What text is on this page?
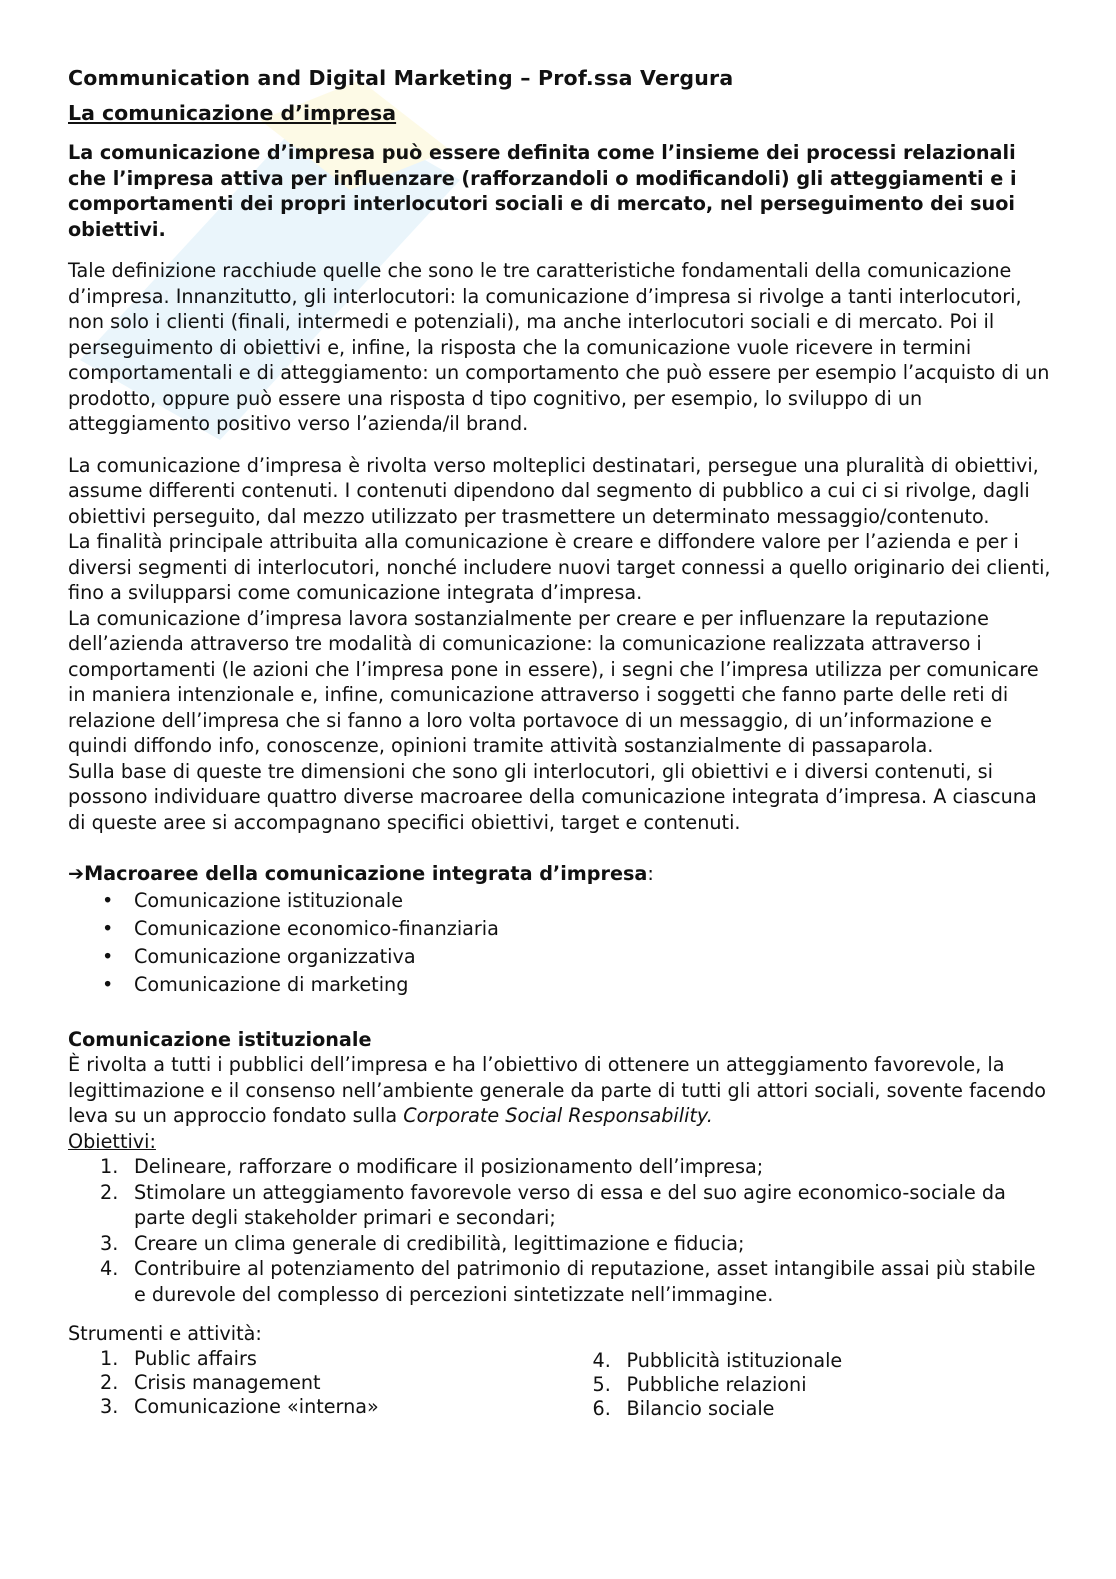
Communication and Digital Marketing – Prof.ssa Vergura

La comunicazione d’impresa

La comunicazione d’impresa può essere definita come l’insieme dei processi relazionali che l’impresa attiva per influenzare (rafforzandoli o modificandoli) gli atteggiamenti e i comportamenti dei propri interlocutori sociali e di mercato, nel perseguimento dei suoi obiettivi.

Tale definizione racchiude quelle che sono le tre caratteristiche fondamentali della comunicazione d’impresa. Innanzitutto, gli interlocutori: la comunicazione d’impresa si rivolge a tanti interlocutori, non solo i clienti (finali, intermedi e potenziali), ma anche interlocutori sociali e di mercato. Poi il perseguimento di obiettivi e, infine, la risposta che la comunicazione vuole ricevere in termini comportamentali e di atteggiamento: un comportamento che può essere per esempio l’acquisto di un prodotto, oppure può essere una risposta d tipo cognitivo, per esempio, lo sviluppo di un atteggiamento positivo verso l’azienda/il brand.

La comunicazione d’impresa è rivolta verso molteplici destinatari, persegue una pluralità di obiettivi, assume differenti contenuti. I contenuti dipendono dal segmento di pubblico a cui ci si rivolge, dagli obiettivi perseguito, dal mezzo utilizzato per trasmettere un determinato messaggio/contenuto.

La finalità principale attribuita alla comunicazione è creare e diffondere valore per l’azienda e per i diversi segmenti di interlocutori, nonché includere nuovi target connessi a quello originario dei clienti, fino a svilupparsi come comunicazione integrata d’impresa.

La comunicazione d’impresa lavora sostanzialmente per creare e per influenzare la reputazione dell’azienda attraverso tre modalità di comunicazione: la comunicazione realizzata attraverso i comportamenti (le azioni che l’impresa pone in essere), i segni che l’impresa utilizza per comunicare in maniera intenzionale e, infine, comunicazione attraverso i soggetti che fanno parte delle reti di relazione dell’impresa che si fanno a loro volta portavoce di un messaggio, di un’informazione e quindi diffondo info, conoscenze, opinioni tramite attività sostanzialmente di passaparola.

Sulla base di queste tre dimensioni che sono gli interlocutori, gli obiettivi e i diversi contenuti, si possono individuare quattro diverse macroaree della comunicazione integrata d’impresa. A ciascuna di queste aree si accompagnano specifici obiettivi, target e contenuti.

➔Macroaree della comunicazione integrata d’impresa:

• Comunicazione istituzionale
• Comunicazione economico-finanziaria
• Comunicazione organizzativa
• Comunicazione di marketing

Comunicazione istituzionale

È rivolta a tutti i pubblici dell’impresa e ha l’obiettivo di ottenere un atteggiamento favorevole, la legittimazione e il consenso nell’ambiente generale da parte di tutti gli attori sociali, sovente facendo leva su un approccio fondato sulla Corporate Social Responsability.

Obiettivi:

1. Delineare, rafforzare o modificare il posizionamento dell’impresa;
2. Stimolare un atteggiamento favorevole verso di essa e del suo agire economico-sociale da parte degli stakeholder primari e secondari;
3. Creare un clima generale di credibilità, legittimazione e fiducia;
4. Contribuire al potenziamento del patrimonio di reputazione, asset intangibile assai più stabile e durevole del complesso di percezioni sintetizzate nell’immagine.

Strumenti e attività:

1. Public affairs
2. Crisis management
3. Comunicazione «interna»
4. Pubblicità istituzionale
5. Pubbliche relazioni
6. Bilancio sociale
